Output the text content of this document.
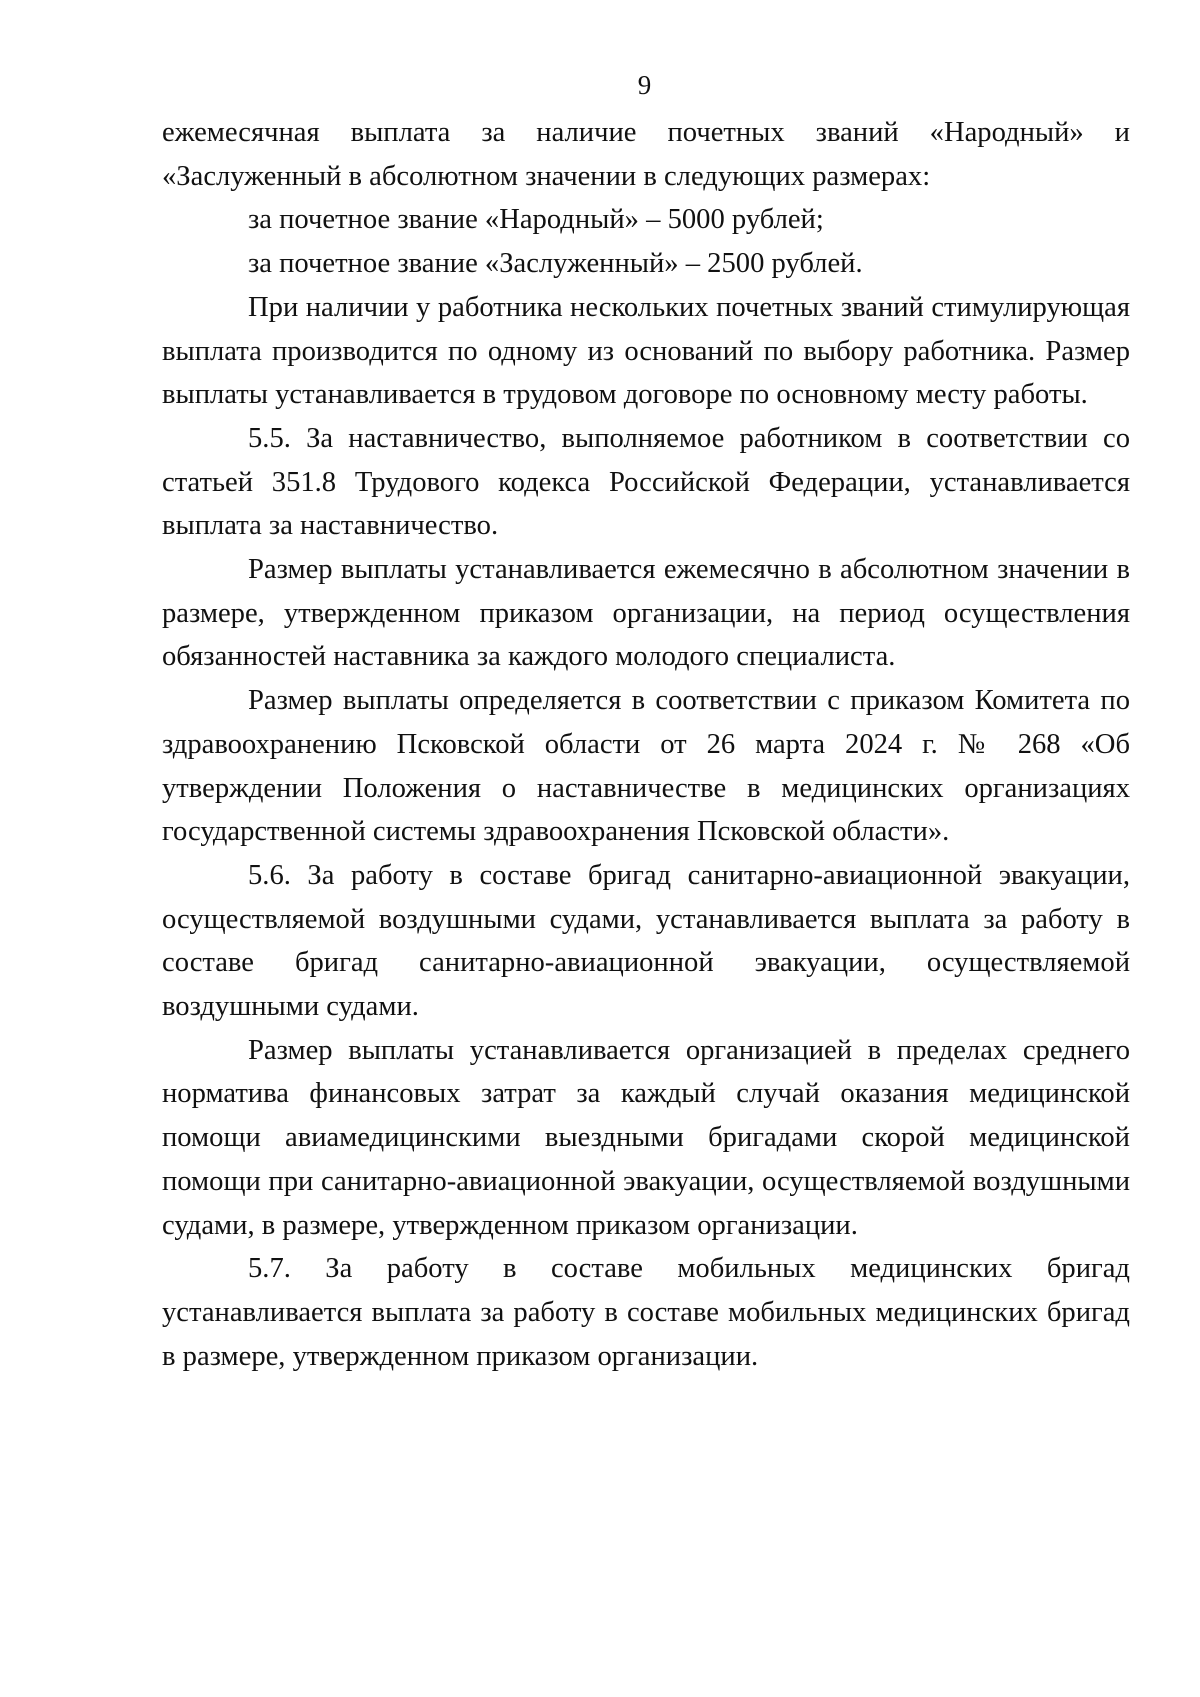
9

ежемесячная выплата за наличие почетных званий «Народный» и «Заслуженный в абсолютном значении в следующих размерах:

за почетное звание «Народный» – 5000 рублей;

за почетное звание «Заслуженный» – 2500 рублей.

При наличии у работника нескольких почетных званий стимулирующая выплата производится по одному из оснований по выбору работника. Размер выплаты устанавливается в трудовом договоре по основному месту работы.

5.5. За наставничество, выполняемое работником в соответствии со статьей 351.8 Трудового кодекса Российской Федерации, устанавливается выплата за наставничество.

Размер выплаты устанавливается ежемесячно в абсолютном значении в размере, утвержденном приказом организации, на период осуществления обязанностей наставника за каждого молодого специалиста.

Размер выплаты определяется в соответствии с приказом Комитета по здравоохранению Псковской области от 26 марта 2024 г. № 268 «Об утверждении Положения о наставничестве в медицинских организациях государственной системы здравоохранения Псковской области».

5.6. За работу в составе бригад санитарно-авиационной эвакуации, осуществляемой воздушными судами, устанавливается выплата за работу в составе бригад санитарно-авиационной эвакуации, осуществляемой воздушными судами.

Размер выплаты устанавливается организацией в пределах среднего норматива финансовых затрат за каждый случай оказания медицинской помощи авиамедицинскими выездными бригадами скорой медицинской помощи при санитарно-авиационной эвакуации, осуществляемой воздушными судами, в размере, утвержденном приказом организации.

5.7. За работу в составе мобильных медицинских бригад устанавливается выплата за работу в составе мобильных медицинских бригад в размере, утвержденном приказом организации.
